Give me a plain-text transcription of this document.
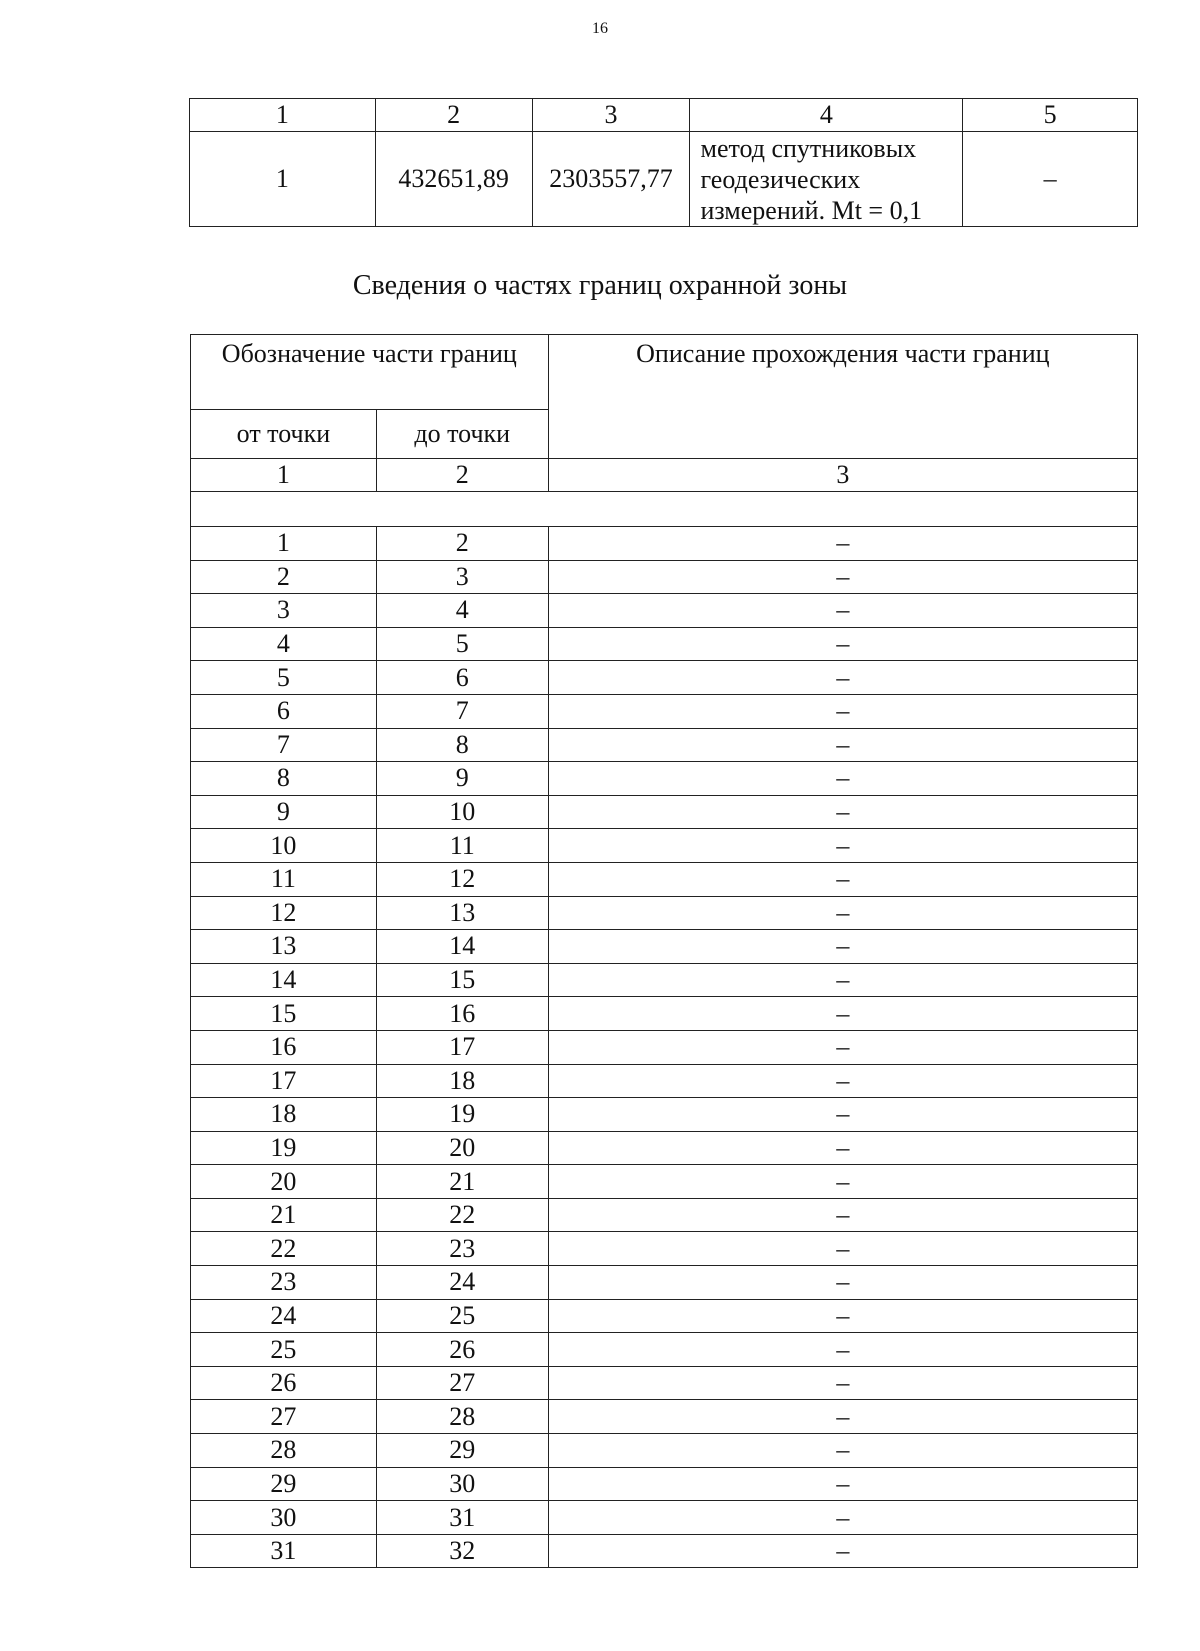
16
1	2	3	4	5
1	432651,89	2303557,77	метод спутниковых
геодезических
измерений. Mt = 0,1	–
Сведения о частях границ охранной зоны
Обозначение части границ		Описание прохождения части границ
от точки	до точки	
1	2	3

1	2	–
2	3	–
3	4	–
4	5	–
5	6	–
6	7	–
7	8	–
8	9	–
9	10	–
10	11	–
11	12	–
12	13	–
13	14	–
14	15	–
15	16	–
16	17	–
17	18	–
18	19	–
19	20	–
20	21	–
21	22	–
22	23	–
23	24	–
24	25	–
25	26	–
26	27	–
27	28	–
28	29	–
29	30	–
30	31	–
31	32	–
